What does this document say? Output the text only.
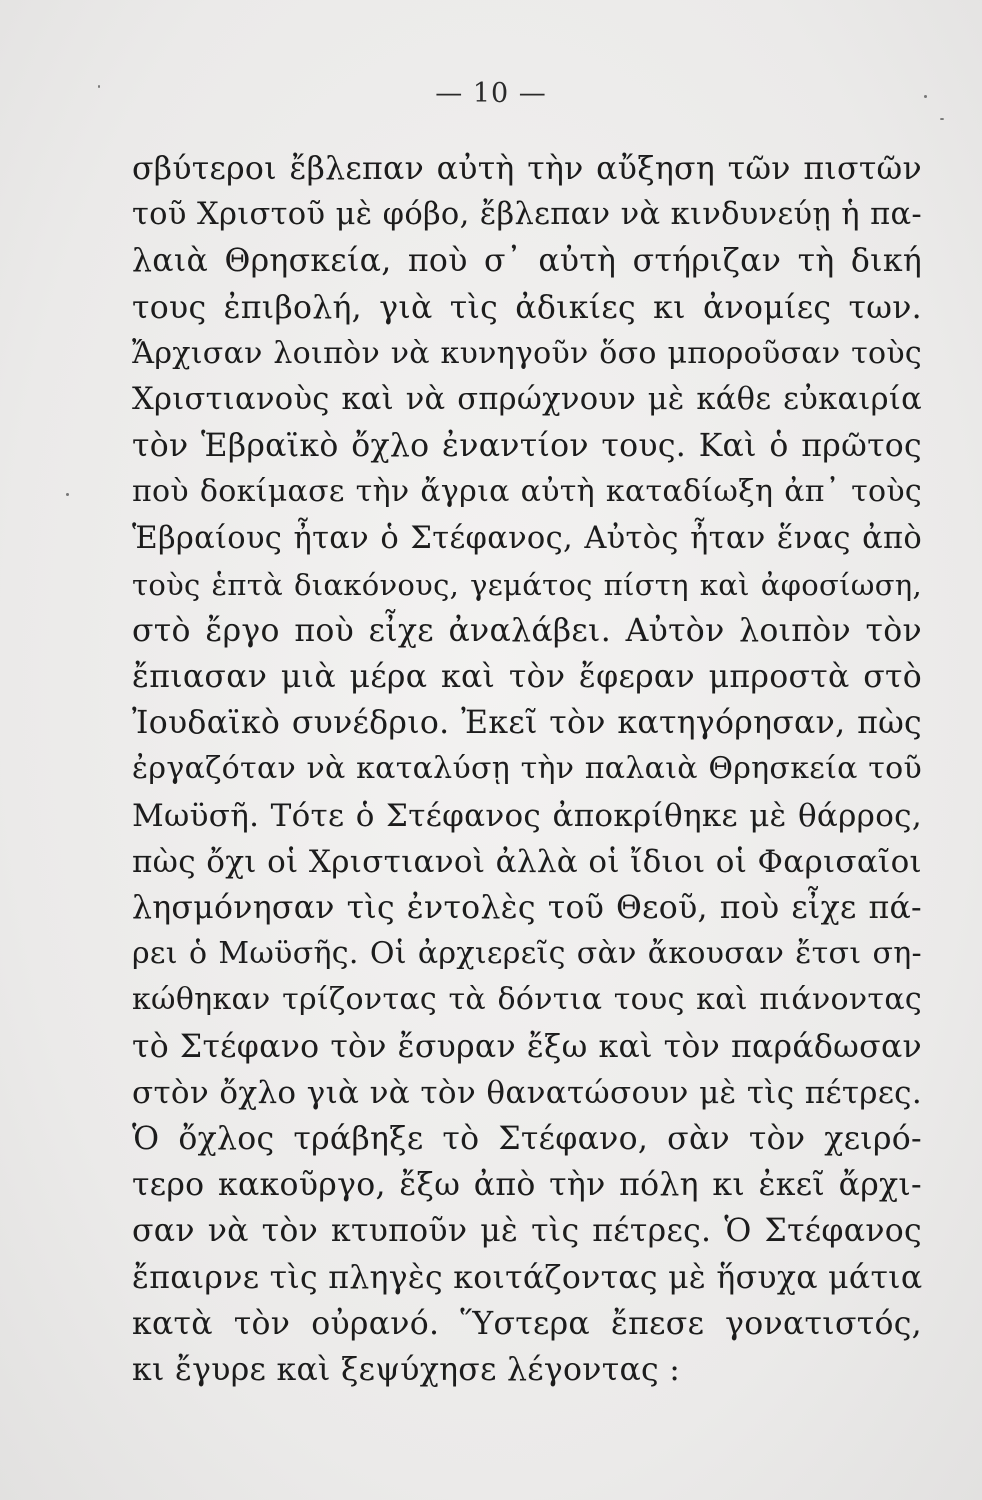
— 10 —
σβύτεροι ἔβλεπαν αὐτὴ τὴν αὔξηση τῶν πιστῶν
τοῦ Χριστοῦ μὲ φόβο, ἔβλεπαν νὰ κινδυνεύῃ ἡ πα-
λαιὰ Θρησκεία, ποὺ σ᾽ αὐτὴ στήριζαν τὴ δική
τους ἐπιβολή, γιὰ τὶς ἀδικίες κι ἀνομίες των.
Ἄρχισαν λοιπὸν νὰ κυνηγοῦν ὅσο μποροῦσαν τοὺς
Χριστιανοὺς καὶ νὰ σπρώχνουν μὲ κάθε εὐκαιρία
τὸν Ἑβραϊκὸ ὄχλο ἐναντίον τους. Καὶ ὁ πρῶτος
ποὺ δοκίμασε τὴν ἄγρια αὐτὴ καταδίωξη ἀπ᾽ τοὺς
Ἑβραίους ἦταν ὁ Στέφανος, Αὐτὸς ἦταν ἕνας ἀπὸ
τοὺς ἑπτὰ διακόνους, γεμάτος πίστη καὶ ἀφοσίωση,
στὸ ἔργο ποὺ εἶχε ἀναλάβει. Αὐτὸν λοιπὸν τὸν
ἔπιασαν μιὰ μέρα καὶ τὸν ἔφεραν μπροστὰ στὸ
Ἰουδαϊκὸ συνέδριο. Ἐκεῖ τὸν κατηγόρησαν, πὼς
ἐργαζόταν νὰ καταλύσῃ τὴν παλαιὰ Θρησκεία τοῦ
Μωϋσῆ. Τότε ὁ Στέφανος ἀποκρίθηκε μὲ θάρρος,
πὼς ὄχι οἱ Χριστιανοὶ ἀλλὰ οἱ ἴδιοι οἱ Φαρισαῖοι
λησμόνησαν τὶς ἐντολὲς τοῦ Θεοῦ, ποὺ εἶχε πά-
ρει ὁ Μωϋσῆς. Οἱ ἀρχιερεῖς σὰν ἄκουσαν ἔτσι ση-
κώθηκαν τρίζοντας τὰ δόντια τους καὶ πιάνοντας
τὸ Στέφανο τὸν ἔσυραν ἔξω καὶ τὸν παράδωσαν
στὸν ὄχλο γιὰ νὰ τὸν θανατώσουν μὲ τὶς πέτρες.
Ὁ ὄχλος τράβηξε τὸ Στέφανο, σὰν τὸν χειρό-
τερο κακοῦργο, ἔξω ἀπὸ τὴν πόλη κι ἐκεῖ ἄρχι-
σαν νὰ τὸν κτυποῦν μὲ τὶς πέτρες. Ὁ Στέφανος
ἔπαιρνε τὶς πληγὲς κοιτάζοντας μὲ ἥσυχα μάτια
κατὰ τὸν οὐρανό. Ὕστερα ἔπεσε γονατιστός,
κι ἔγυρε καὶ ξεψύχησε λέγοντας :
